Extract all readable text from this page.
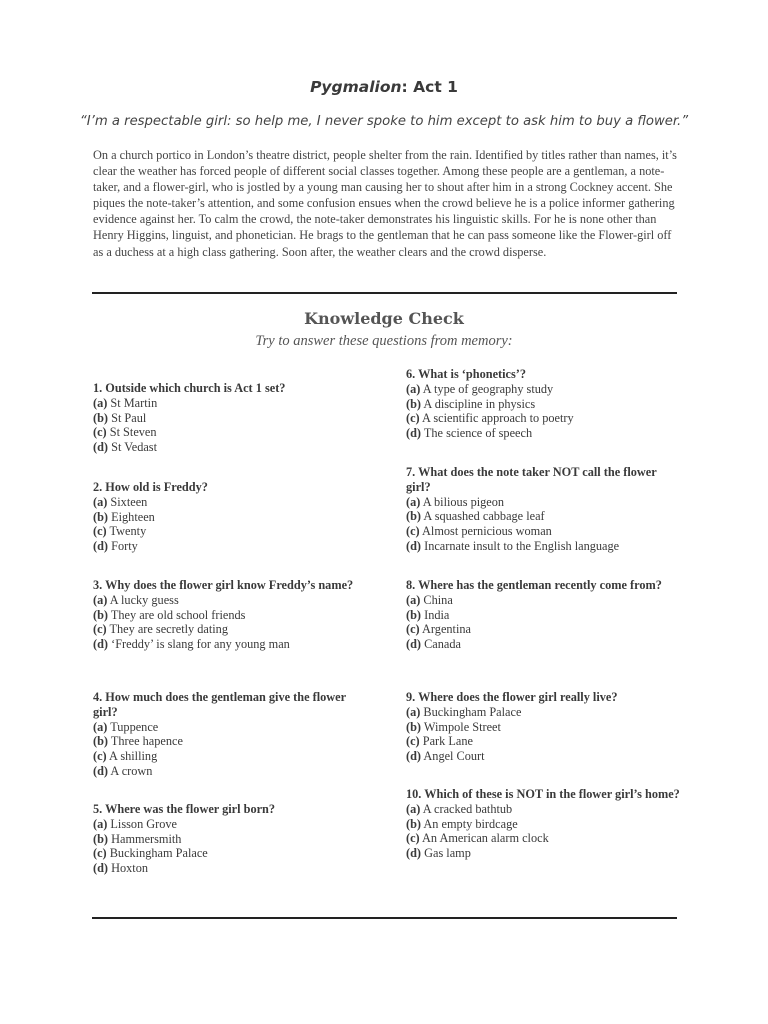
Pygmalion: Act 1
“I’m a respectable girl: so help me, I never spoke to him except to ask him to buy a flower.”

On a church portico in London’s theatre district, people shelter from the rain. Identified by titles rather than names, it’s clear the weather has forced people of different social classes together. Among these people are a gentleman, a note-taker, and a flower-girl, who is jostled by a young man causing her to shout after him in a strong Cockney accent. She piques the note-taker’s attention, and some confusion ensues when the crowd believe he is a police informer gathering evidence against her. To calm the crowd, the note-taker demonstrates his linguistic skills. For he is none other than Henry Higgins, linguist, and phonetician. He brags to the gentleman that he can pass someone like the Flower-girl off as a duchess at a high class gathering. Soon after, the weather clears and the crowd disperse.

Knowledge Check
Try to answer these questions from memory:
1. Outside which church is Act 1 set?
(a) St Martin
(b) St Paul
(c) St Steven
(d) St Vedast
2. How old is Freddy?
(a) Sixteen
(b) Eighteen
(c) Twenty
(d) Forty
3. Why does the flower girl know Freddy’s name?
(a) A lucky guess
(b) They are old school friends
(c) They are secretly dating
(d) ‘Freddy’ is slang for any young man
4. How much does the gentleman give the flower girl?
(a) Tuppence
(b) Three hapence
(c) A shilling
(d) A crown
5. Where was the flower girl born?
(a) Lisson Grove
(b) Hammersmith
(c) Buckingham Palace
(d) Hoxton
6. What is ‘phonetics’?
(a) A type of geography study
(b) A discipline in physics
(c) A scientific approach to poetry
(d) The science of speech
7. What does the note taker NOT call the flower girl?
(a) A bilious pigeon
(b) A squashed cabbage leaf
(c) Almost pernicious woman
(d) Incarnate insult to the English language
8. Where has the gentleman recently come from?
(a) China
(b) India
(c) Argentina
(d) Canada
9. Where does the flower girl really live?
(a) Buckingham Palace
(b) Wimpole Street
(c) Park Lane
(d) Angel Court
10. Which of these is NOT in the flower girl’s home?
(a) A cracked bathtub
(b) An empty birdcage
(c) An American alarm clock
(d) Gas lamp
